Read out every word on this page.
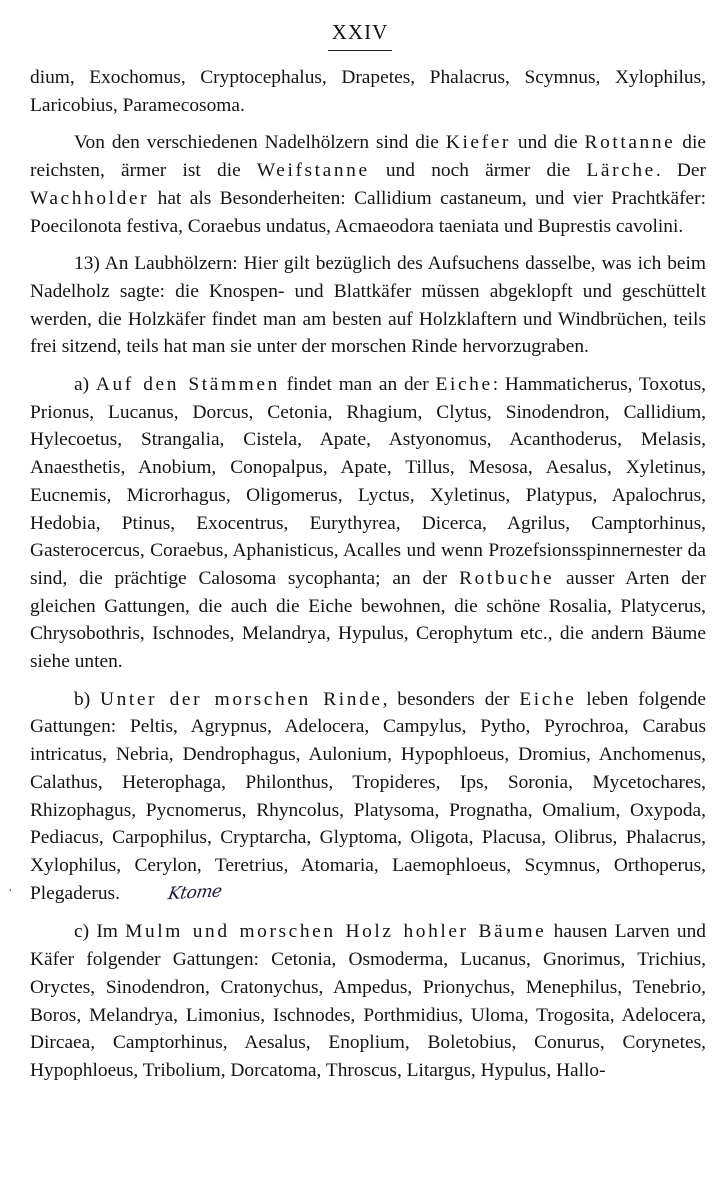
XXIV
·

dium, Exochomus, Cryptocephalus, Drapetes, Phalacrus, Scymnus, Xylophilus, Laricobius, Paramecosoma.

Von den verschiedenen Nadelhölzern sind die Kiefer und die Rottanne die reichsten, ärmer ist die Weifstanne und noch ärmer die Lärche. Der Wachholder hat als Besonderheiten: Callidium castaneum, und vier Prachtkäfer: Poecilonota festiva, Coraebus undatus, Acmaeodora taeniata und Buprestis cavolini.

13) An Laubhölzern: Hier gilt bezüglich des Aufsuchens dasselbe, was ich beim Nadelholz sagte: die Knospen- und Blattkäfer müssen abgeklopft und geschüttelt werden, die Holzkäfer findet man am besten auf Holzklaftern und Windbrüchen, teils frei sitzend, teils hat man sie unter der morschen Rinde hervorzugraben.

a) Auf den Stämmen findet man an der Eiche: Hammaticherus, Toxotus, Prionus, Lucanus, Dorcus, Cetonia, Rhagium, Clytus, Sinodendron, Callidium, Hylecoetus, Strangalia, Cistela, Apate, Astyonomus, Acanthoderus, Melasis, Anaesthetis, Anobium, Conopalpus, Apate, Tillus, Mesosa, Aesalus, Xyletinus, Eucnemis, Microrhagus, Oligomerus, Lyctus, Xyletinus, Platypus, Apalochrus, Hedobia, Ptinus, Exocentrus, Eurythyrea, Dicerca, Agrilus, Camptorhinus, Gasterocercus, Coraebus, Aphanisticus, Acalles und wenn Prozefsionsspinnernester da sind, die prächtige Calosoma sycophanta; an der Rotbuche ausser Arten der gleichen Gattungen, die auch die Eiche bewohnen, die schöne Rosalia, Platycerus, Chrysobothris, Ischnodes, Melandrya, Hypulus, Cerophytum etc., die andern Bäume siehe unten.

b) Unter der morschen Rinde, besonders der Eiche leben folgende Gattungen: Peltis, Agrypnus, Adelocera, Campylus, Pytho, Pyrochroa, Carabus intricatus, Nebria, Dendrophagus, Aulonium, Hypophloeus, Dromius, Anchomenus, Calathus, Heterophaga, Philonthus, Tropideres, Ips, Soronia, Mycetochares, Rhizophagus, Pycnomerus, Rhyncolus, Platysoma, Prognatha, Omalium, Oxypoda, Pediacus, Carpophilus, Cryptarcha, Glyptoma, Oligota, Placusa, Olibrus, Phalacrus, Xylophilus, Cerylon, Teretrius, Atomaria, Laemophloeus, Scymnus, Orthoperus, Plegaderus.	Ktome

c) Im Mulm und morschen Holz hohler Bäume hausen Larven und Käfer folgender Gattungen: Cetonia, Osmoderma, Lucanus, Gnorimus, Trichius, Oryctes, Sinodendron, Cratonychus, Ampedus, Prionychus, Menephilus, Tenebrio, Boros, Melandrya, Limonius, Ischnodes, Porthmidius, Uloma, Trogosita, Adelocera, Dircaea, Camptorhinus, Aesalus, Enoplium, Boletobius, Conurus, Corynetes, Hypophloeus, Tribolium, Dorcatoma, Throscus, Litargus, Hypulus, Hallo-
